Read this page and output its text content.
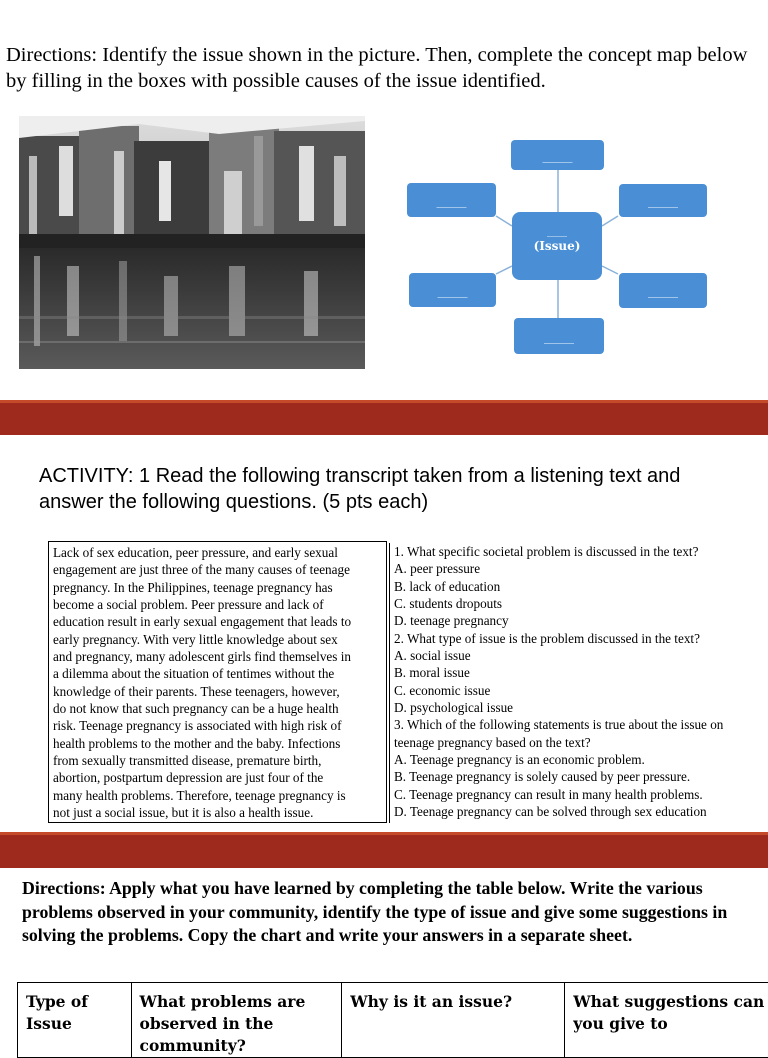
Directions: Identify the issue shown in the picture. Then, complete the concept map below by filling in the boxes with possible causes of the issue identified.
_____
_____	_____
____
(Issue)
_____	_____
_____
ACTIVITY: 1 Read the following transcript taken from a listening text and answer the following questions. (5 pts each)
Lack of sex education, peer pressure, and early sexual
engagement are just three of the many causes of teenage
pregnancy. In the Philippines, teenage pregnancy has
become a social problem. Peer pressure and lack of
education result in early sexual engagement that leads to
early pregnancy. With very little knowledge about sex
and pregnancy, many adolescent girls find themselves in
a dilemma about the situation of tentimes without the
knowledge of their parents. These teenagers, however,
do not know that such pregnancy can be a huge health
risk. Teenage pregnancy is associated with high risk of
health problems to the mother and the baby. Infections
from sexually transmitted disease, premature birth,
abortion, postpartum depression are just four of the
many health problems. Therefore, teenage pregnancy is
not just a social issue, but it is also a health issue.
1. What specific societal problem is discussed in the text?
A. peer pressure
B. lack of education
C. students dropouts
D. teenage pregnancy
2. What type of issue is the problem discussed in the text?
A. social issue
B. moral issue
C. economic issue
D. psychological issue
3. Which of the following statements is true about the issue on
teenage pregnancy based on the text?
A. Teenage pregnancy is an economic problem.
B. Teenage pregnancy is solely caused by peer pressure.
C. Teenage pregnancy can result in many health problems.
D. Teenage pregnancy can be solved through sex education
Directions: Apply what you have learned by completing the table below. Write the various problems observed in your community, identify the type of issue and give some suggestions in solving the problems. Copy the chart and write your answers in a separate sheet.
Type of Issue	What problems are observed in the community?	Why is it an issue?	What suggestions can you give to
